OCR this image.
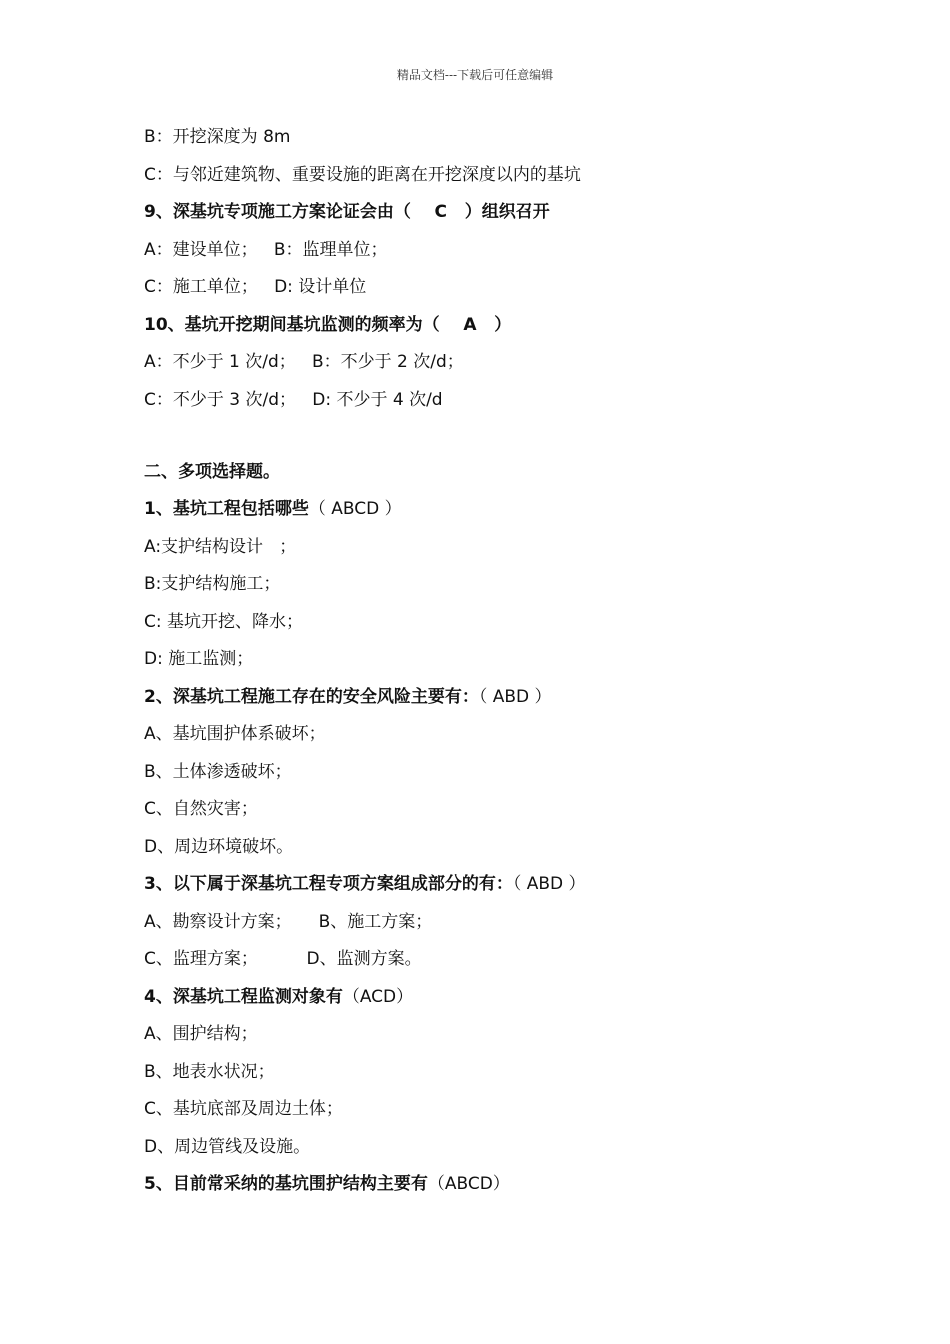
精品文档---下载后可任意编辑
B：开挖深度为 8m
C：与邻近建筑物、重要设施的距离在开挖深度以内的基坑
9、深基坑专项施工方案论证会由（    C   ）组织召开
A：建设单位；   B：监理单位；
C：施工单位；   D: 设计单位
10、基坑开挖期间基坑监测的频率为（    A   ）
A：不少于 1 次/d；   B：不少于 2 次/d；
C：不少于 3 次/d；   D: 不少于 4 次/d
二、多项选择题。
1、基坑工程包括哪些（ ABCD ）
A:支护结构设计   ；
B:支护结构施工；
C: 基坑开挖、降水；
D: 施工监测；
2、深基坑工程施工存在的安全风险主要有：（ ABD ）
A、基坑围护体系破坏；
B、土体渗透破坏；
C、自然灾害；
D、周边环境破坏。
3、以下属于深基坑工程专项方案组成部分的有：（ ABD ）
A、勘察设计方案；     B、施工方案；
C、监理方案；         D、监测方案。
4、深基坑工程监测对象有（ACD）
A、围护结构；
B、地表水状况；
C、基坑底部及周边土体；
D、周边管线及设施。
5、目前常采纳的基坑围护结构主要有（ABCD）
